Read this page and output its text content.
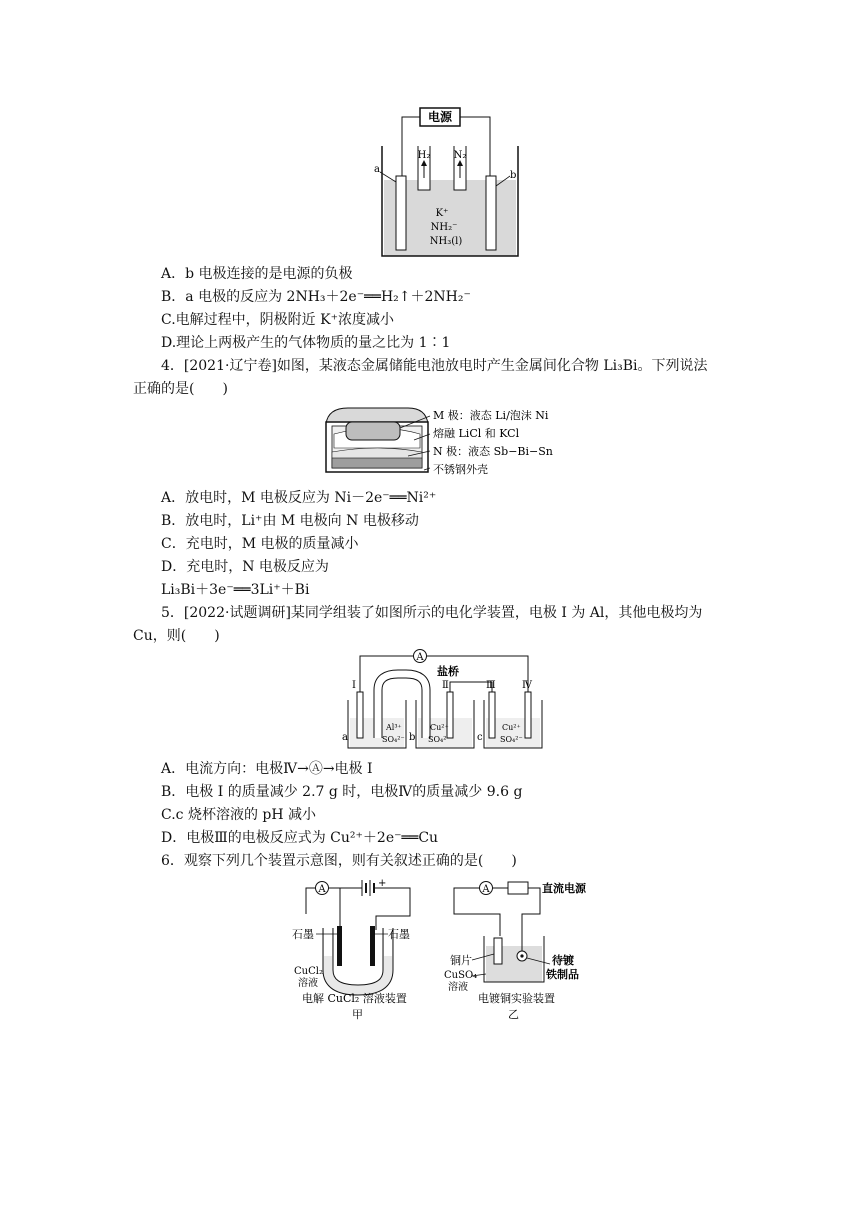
电源
H₂ N₂
a
b
K⁺
NH₂⁻
NH₃(l)
A．b 电极连接的是电源的负极
B．a 电极的反应为 2NH₃＋2e⁻══H₂↑＋2NH₂⁻
C.电解过程中，阴极附近 K⁺浓度减小
D.理论上两极产生的气体物质的量之比为 1∶1
4．[2021·辽宁卷]如图，某液态金属储能电池放电时产生金属间化合物 Li₃Bi。下列说法
正确的是(　　)
M 极：液态 Li/泡沫 Ni
熔融 LiCl 和 KCl
N 极：液态 Sb−Bi−Sn
不锈钢外壳
A．放电时，M 电极反应为 Ni－2e⁻══Ni²⁺
B．放电时，Li⁺由 M 电极向 N 电极移动
C．充电时，M 电极的质量减小
D．充电时，N 电极反应为
Li₃Bi＋3e⁻══3Li⁺＋Bi
5．[2022·试题调研]某同学组装了如图所示的电化学装置，电极 Ⅰ 为 Al，其他电极均为
Cu，则(　　)
A
盐桥
Ⅰ	Ⅱ	Ⅲ	Ⅳ
a	b	c
Al³⁺
SO₄²⁻
Cu²⁺
SO₄²⁻
Cu²⁺
SO₄²⁻
A．电流方向：电极Ⅳ→Ⓐ→电极 Ⅰ
B．电极 Ⅰ 的质量减少 2.7 g 时，电极Ⅳ的质量减少 9.6 g
C.c 烧杯溶液的 pH 减小
D．电极Ⅲ的电极反应式为 Cu²⁺＋2e⁻══Cu
6．观察下列几个装置示意图，则有关叙述正确的是(　　)
+
A
石墨	石墨
CuCl₂
溶液
电解 CuCl₂ 溶液装置
甲
A	直流电源
铜片
CuSO₄
溶液
待镀
铁制品
电镀铜实验装置
乙
